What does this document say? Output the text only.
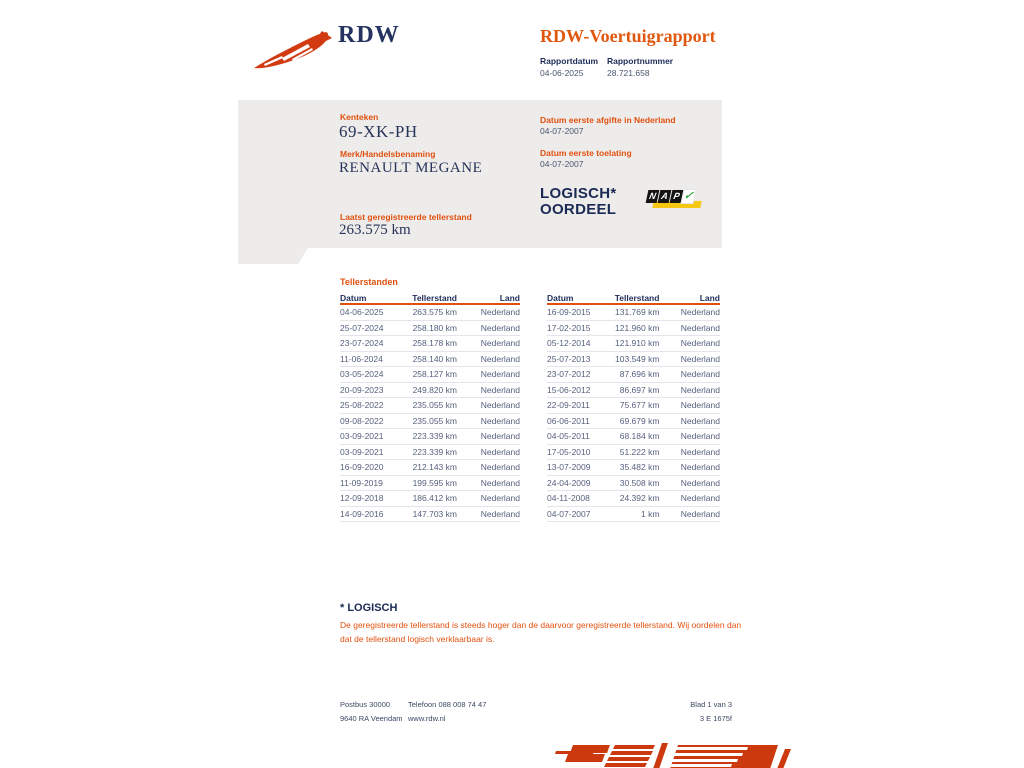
RDW	RDW-Voertuigrapport
Rapportdatum
04-06-2025
Rapportnummer
28.721.658
Kenteken
69-XK-PH
Merk/Handelsbenaming
RENAULT MEGANE
Laatst geregistreerde tellerstand
263.575 km
Datum eerste afgifte in Nederland
04-07-2007
Datum eerste toelating
04-07-2007
LOGISCH*
OORDEEL
N A P ✓
Tellerstanden
Datum	Tellerstand	Land
04-06-2025	263.575 km	Nederland
25-07-2024	258.180 km	Nederland
23-07-2024	258.178 km	Nederland
11-06-2024	258.140 km	Nederland
03-05-2024	258.127 km	Nederland
20-09-2023	249.820 km	Nederland
25-08-2022	235.055 km	Nederland
09-08-2022	235.055 km	Nederland
03-09-2021	223.339 km	Nederland
03-09-2021	223.339 km	Nederland
16-09-2020	212.143 km	Nederland
11-09-2019	199.595 km	Nederland
12-09-2018	186.412 km	Nederland
14-09-2016	147.703 km	Nederland
Datum	Tellerstand	Land
16-09-2015	131.769 km	Nederland
17-02-2015	121.960 km	Nederland
05-12-2014	121.910 km	Nederland
25-07-2013	103.549 km	Nederland
23-07-2012	87.696 km	Nederland
15-06-2012	86.697 km	Nederland
22-09-2011	75.677 km	Nederland
06-06-2011	69.679 km	Nederland
04-05-2011	68.184 km	Nederland
17-05-2010	51.222 km	Nederland
13-07-2009	35.482 km	Nederland
24-04-2009	30.508 km	Nederland
04-11-2008	24.392 km	Nederland
04-07-2007	1 km	Nederland
* LOGISCH
De geregistreerde tellerstand is steeds hoger dan de daarvoor geregistreerde tellerstand. Wij oordelen dan
dat de tellerstand logisch verklaarbaar is.
Postbus 30000
9640 RA Veendam
Telefoon 088 008 74 47
www.rdw.nl
Blad 1 van 3
3 E 1675f
